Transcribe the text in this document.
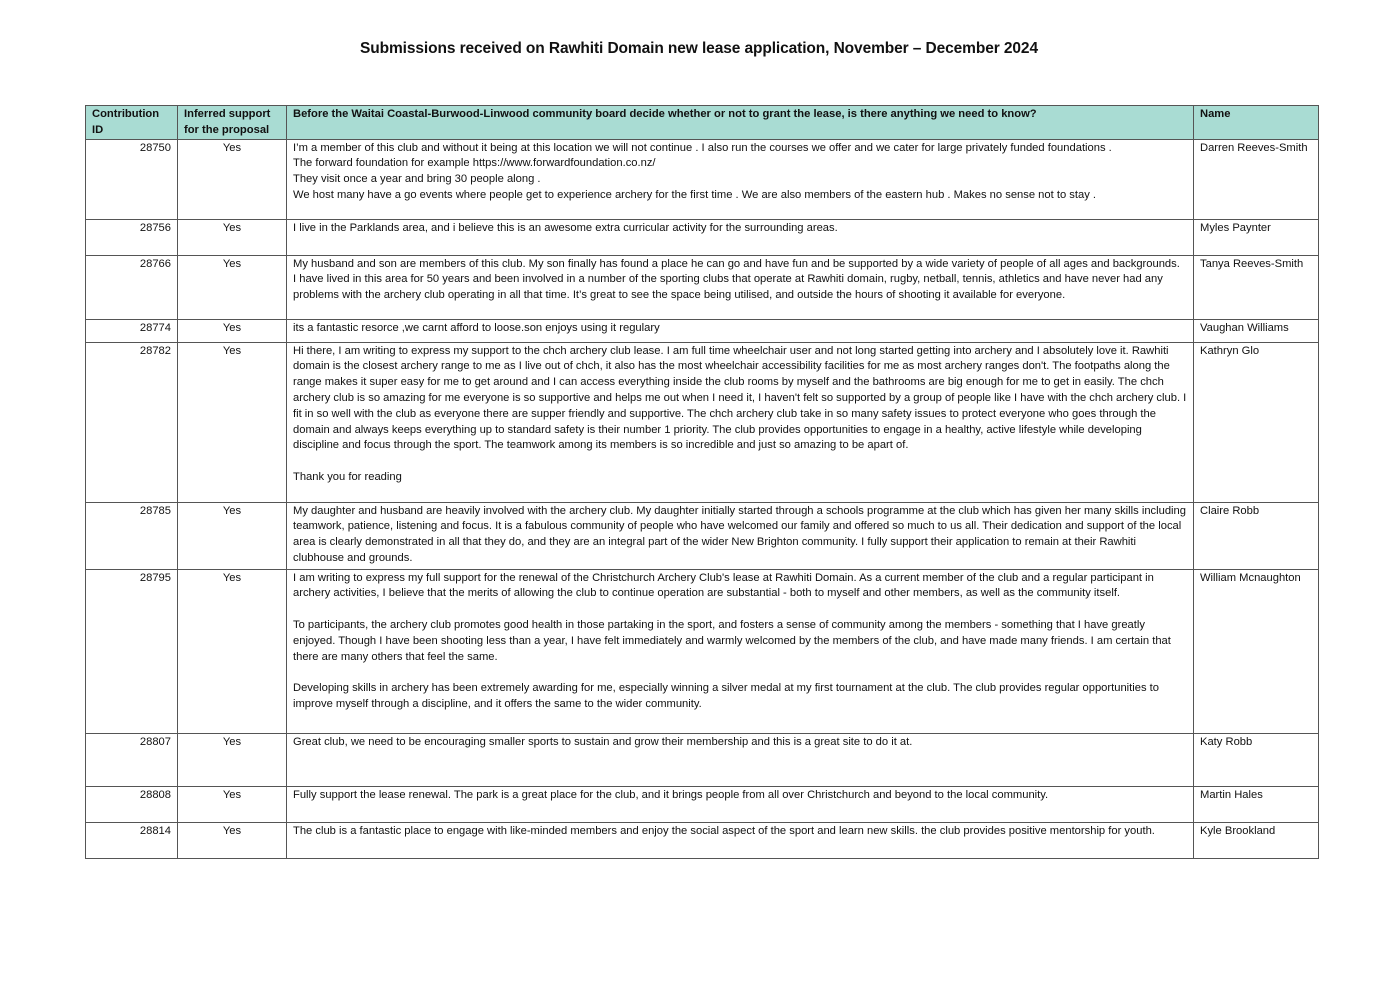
Submissions received on Rawhiti Domain new lease application, November – December 2024
Contribution ID	Inferred support for the proposal	Before the Waitai Coastal-Burwood-Linwood community board decide whether or not to grant the lease, is there anything we need to know?	Name
28750	Yes	I’m a member of this club and without it being at this location we will not continue . I also run the courses we offer and we cater for large privately funded foundations .
The forward foundation for example https://www.forwardfoundation.co.nz/
They visit once a year and bring 30 people along .
We host many have a go events where people get to experience archery for the first time . We are also members of the eastern hub . Makes no sense not to stay .	Darren Reeves-Smith
28756	Yes	I live in the Parklands area, and i believe this is an awesome extra curricular activity for the surrounding areas.	Myles Paynter
28766	Yes	My husband and son are members of this club. My son finally has found a place he can go and have fun and be supported by a wide variety of people of all ages and backgrounds.
I have lived in this area for 50 years and been involved in a number of the sporting clubs that operate at Rawhiti domain, rugby, netball, tennis, athletics and have never had any problems with the archery club operating in all that time. It’s great to see the space being utilised, and outside the hours of shooting it available for everyone.	Tanya Reeves-Smith
28774	Yes	its a fantastic resorce ,we carnt afford to loose.son enjoys using it regulary	Vaughan Williams
28782	Yes	Hi there, I am writing to express my support to the chch archery club lease. I am full time wheelchair user and not long started getting into archery and I absolutely love it. Rawhiti domain is the closest archery range to me as I live out of chch, it also has the most wheelchair accessibility facilities for me as most archery ranges don't. The footpaths along the range makes it super easy for me to get around and I can access everything inside the club rooms by myself and the bathrooms are big enough for me to get in easily. The chch archery club is so amazing for me everyone is so supportive and helps me out when I need it, I haven't felt so supported by a group of people like I have with the chch archery club. I fit in so well with the club as everyone there are supper friendly and supportive. The chch archery club take in so many safety issues to protect everyone who goes through the domain and always keeps everything up to standard safety is their number 1 priority. The club provides opportunities to engage in a healthy, active lifestyle while developing discipline and focus through the sport. The teamwork among its members is so incredible and just so amazing to be apart of.
Thank you for reading	Kathryn Glo
28785	Yes	My daughter and husband are heavily involved with the archery club. My daughter initially started through a schools programme at the club which has given her many skills including teamwork, patience, listening and focus. It is a fabulous community of people who have welcomed our family and offered so much to us all. Their dedication and support of the local area is clearly demonstrated in all that they do, and they are an integral part of the wider New Brighton community. I fully support their application to remain at their Rawhiti clubhouse and grounds.	Claire Robb
28795	Yes	I am writing to express my full support for the renewal of the Christchurch Archery Club's lease at Rawhiti Domain. As a current member of the club and a regular participant in archery activities, I believe that the merits of allowing the club to continue operation are substantial - both to myself and other members, as well as the community itself.
To participants, the archery club promotes good health in those partaking in the sport, and fosters a sense of community among the members - something that I have greatly enjoyed. Though I have been shooting less than a year, I have felt immediately and warmly welcomed by the members of the club, and have made many friends. I am certain that there are many others that feel the same.
Developing skills in archery has been extremely awarding for me, especially winning a silver medal at my first tournament at the club. The club provides regular opportunities to improve myself through a discipline, and it offers the same to the wider community.	William Mcnaughton
28807	Yes	Great club, we need to be encouraging smaller sports to sustain and grow their membership and this is a great site to do it at.	Katy Robb
28808	Yes	Fully support the lease renewal. The park is a great place for the club, and it brings people from all over Christchurch and beyond to the local community.	Martin Hales
28814	Yes	The club is a fantastic place to engage with like-minded members and enjoy the social aspect of the sport and learn new skills. the club provides positive mentorship for youth.	Kyle Brookland
